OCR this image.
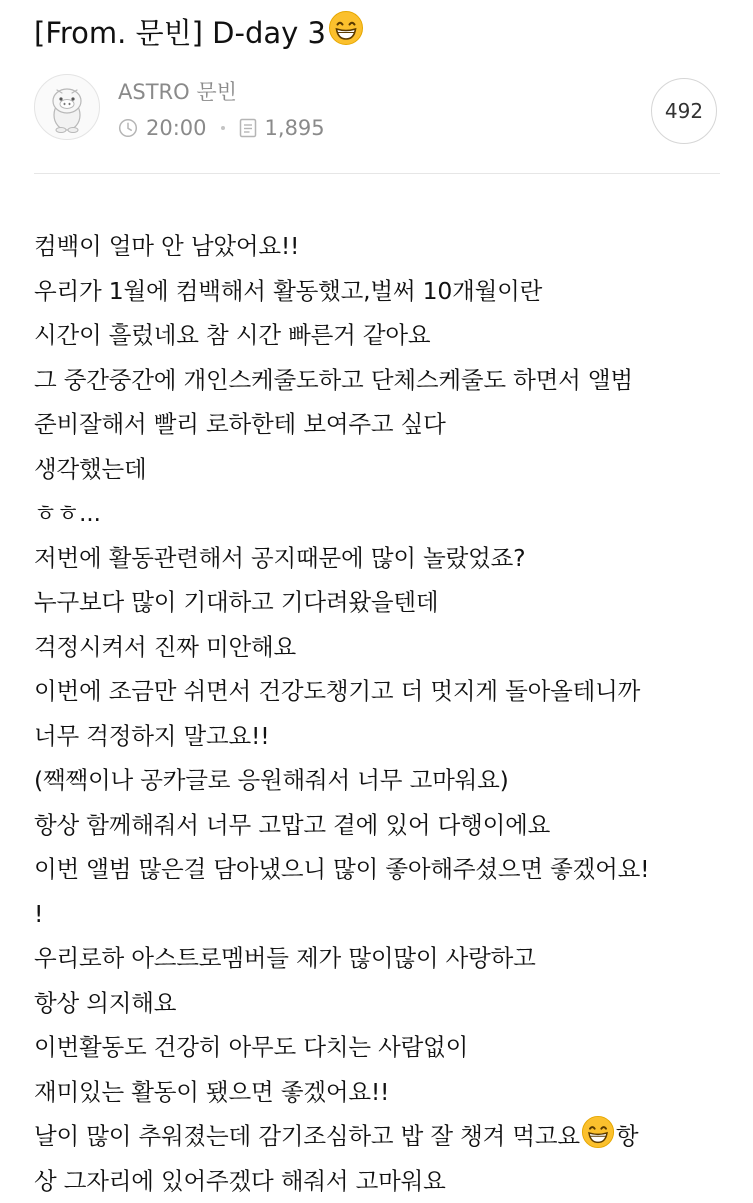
[From. 문빈] D-day 3
ASTRO 문빈
20:00	1,895
492
컴백이 얼마 안 남았어요!!
우리가 1월에 컴백해서 활동했고,벌써 10개월이란
시간이 흘렀네요 참 시간 빠른거 같아요
그 중간중간에 개인스케줄도하고 단체스케줄도 하면서 앨범
준비잘해서 빨리 로하한테 보여주고 싶다
생각했는데
ㅎㅎ...
저번에 활동관련해서 공지때문에 많이 놀랐었죠?
누구보다 많이 기대하고 기다려왔을텐데
걱정시켜서 진짜 미안해요
이번에 조금만 쉬면서 건강도챙기고 더 멋지게 돌아올테니까
너무 걱정하지 말고요!!
(짹짹이나 공카글로 응원해줘서 너무 고마워요)
항상 함께해줘서 너무 고맙고 곁에 있어 다행이에요
이번 앨범 많은걸 담아냈으니 많이 좋아해주셨으면 좋겠어요!
!
우리로하 아스트로멤버들 제가 많이많이 사랑하고
항상 의지해요
이번활동도 건강히 아무도 다치는 사람없이
재미있는 활동이 됐으면 좋겠어요!!
날이 많이 추워졌는데 감기조심하고 밥 잘 챙겨 먹고요 항
상 그자리에 있어주겠다 해줘서 고마워요
